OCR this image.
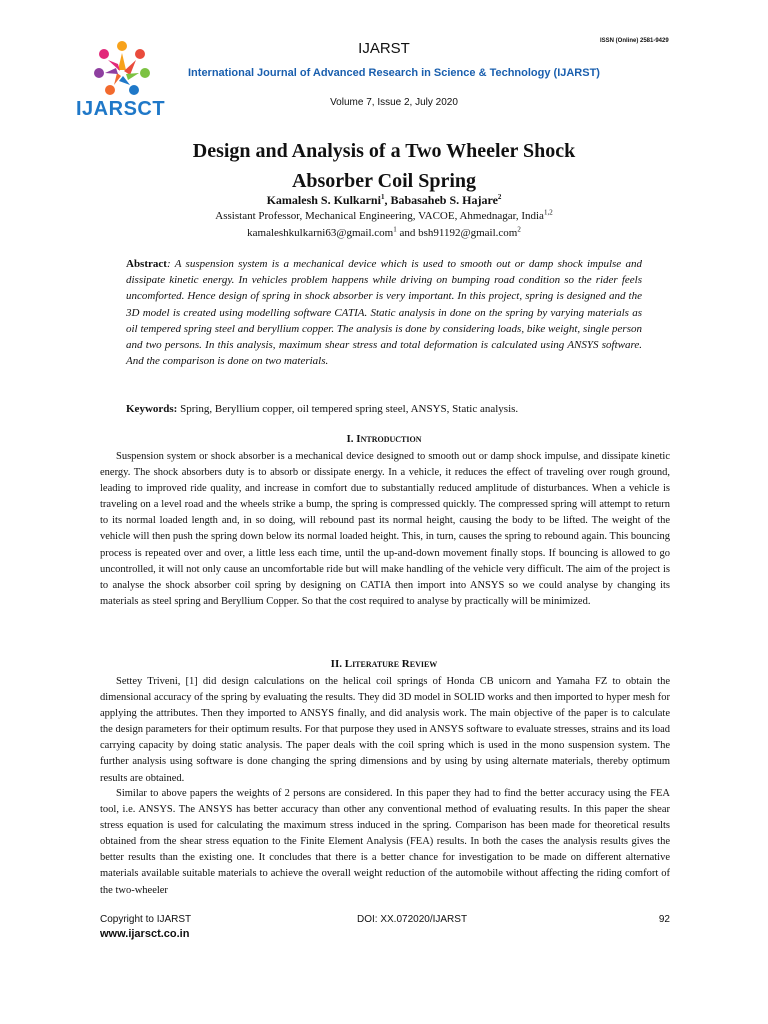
IJARSCT
IJARST	ISSN (Online) 2581-9429
International Journal of Advanced Research in Science & Technology (IJARST)
Volume 7, Issue 2, July 2020
Design and Analysis of a Two Wheeler Shock
Absorber Coil Spring
Kamalesh S. Kulkarni$^1$, Babasaheb S. Hajare$^2$
Assistant Professor, Mechanical Engineering, VACOE, Ahmednagar, India$^{1,2}$
kamaleshkulkarni63@gmail.com$^1$ and bsh91192@gmail.com$^2$
Abstract: A suspension system is a mechanical device which is used to smooth out or damp shock impulse and dissipate kinetic energy. In vehicles problem happens while driving on bumping road condition so the rider feels uncomforted. Hence design of spring in shock absorber is very important. In this project, spring is designed and the 3D model is created using modelling software CATIA. Static analysis in done on the spring by varying materials as oil tempered spring steel and beryllium copper. The analysis is done by considering loads, bike weight, single person and two persons. In this analysis, maximum shear stress and total deformation is calculated using ANSYS software. And the comparison is done on two materials.
Keywords: Spring, Beryllium copper, oil tempered spring steel, ANSYS, Static analysis.
I. Introduction
Suspension system or shock absorber is a mechanical device designed to smooth out or damp shock impulse, and dissipate kinetic energy. The shock absorbers duty is to absorb or dissipate energy. In a vehicle, it reduces the effect of traveling over rough ground, leading to improved ride quality, and increase in comfort due to substantially reduced amplitude of disturbances. When a vehicle is traveling on a level road and the wheels strike a bump, the spring is compressed quickly. The compressed spring will attempt to return to its normal loaded length and, in so doing, will rebound past its normal height, causing the body to be lifted. The weight of the vehicle will then push the spring down below its normal loaded height. This, in turn, causes the spring to rebound again. This bouncing process is repeated over and over, a little less each time, until the up-and-down movement finally stops. If bouncing is allowed to go uncontrolled, it will not only cause an uncomfortable ride but will make handling of the vehicle very difficult. The aim of the project is to analyse the shock absorber coil spring by designing on CATIA then import into ANSYS so we could analyse by changing its materials as steel spring and Beryllium Copper. So that the cost required to analyse by practically will be minimized.
II. Literature Review
Settey Triveni, [1] did design calculations on the helical coil springs of Honda CB unicorn and Yamaha FZ to obtain the dimensional accuracy of the spring by evaluating the results. They did 3D model in SOLID works and then imported to hyper mesh for applying the attributes. Then they imported to ANSYS finally, and did analysis work. The main objective of the paper is to calculate the design parameters for their optimum results. For that purpose they used in ANSYS software to evaluate stresses, strains and its load carrying capacity by doing static analysis. The paper deals with the coil spring which is used in the mono suspension system. The further analysis using software is done changing the spring dimensions and by using by using alternate materials, thereby optimum results are obtained.
Similar to above papers the weights of 2 persons are considered. In this paper they had to find the better accuracy using the FEA tool, i.e. ANSYS. The ANSYS has better accuracy than other any conventional method of evaluating results. In this paper the shear stress equation is used for calculating the maximum stress induced in the spring. Comparison has been made for theoretical results obtained from the shear stress equation to the Finite Element Analysis (FEA) results. In both the cases the analysis results gives the better results than the existing one. It concludes that there is a better chance for investigation to be made on different alternative materials available suitable materials to achieve the overall weight reduction of the automobile without affecting the riding comfort of the two-wheeler
Copyright to IJARST
www.ijarsct.co.in
DOI: XX.072020/IJARST	92
